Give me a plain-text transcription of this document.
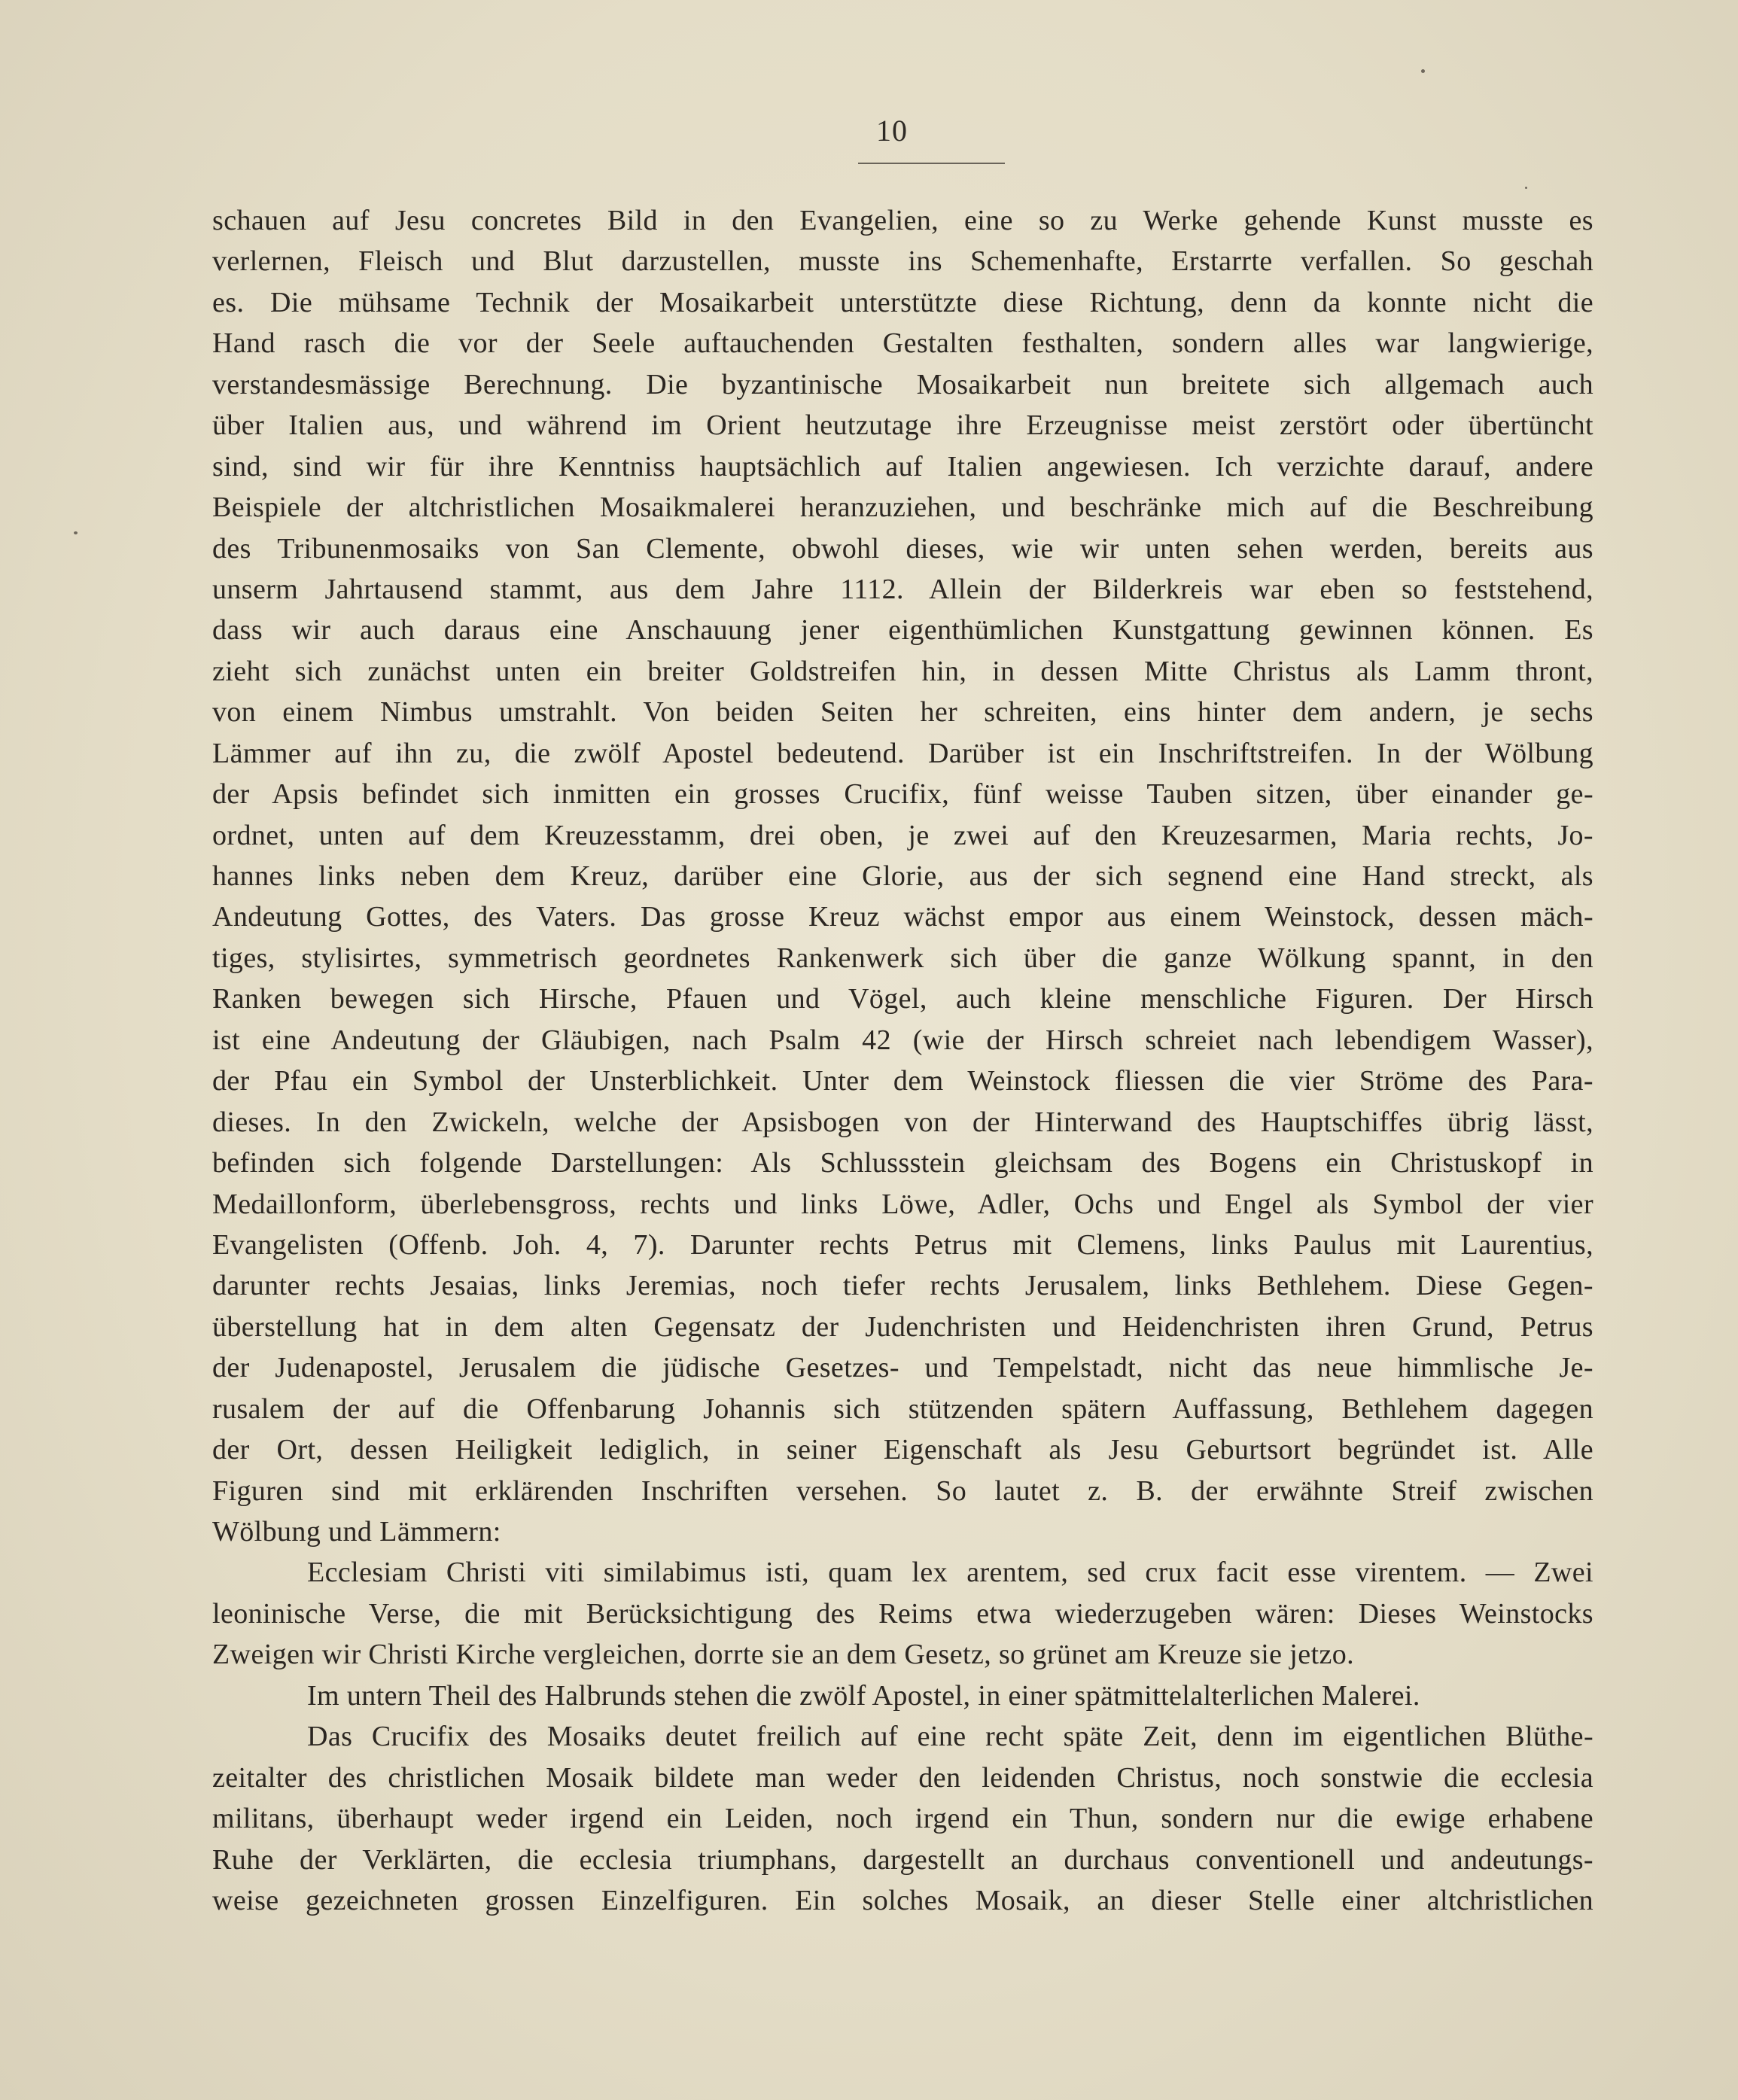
10
schauen auf Jesu concretes Bild in den Evangelien, eine so zu Werke gehende Kunst musste es
verlernen, Fleisch und Blut darzustellen, musste ins Schemenhafte, Erstarrte verfallen. So geschah
es. Die mühsame Technik der Mosaikarbeit unterstützte diese Richtung, denn da konnte nicht die
Hand rasch die vor der Seele auftauchenden Gestalten festhalten, sondern alles war langwierige,
verstandesmässige Berechnung. Die byzantinische Mosaikarbeit nun breitete sich allgemach auch
über Italien aus, und während im Orient heutzutage ihre Erzeugnisse meist zerstört oder übertüncht
sind, sind wir für ihre Kenntniss hauptsächlich auf Italien angewiesen. Ich verzichte darauf, andere
Beispiele der altchristlichen Mosaikmalerei heranzuziehen, und beschränke mich auf die Beschreibung
des Tribunenmosaiks von San Clemente, obwohl dieses, wie wir unten sehen werden, bereits aus
unserm Jahrtausend stammt, aus dem Jahre 1112. Allein der Bilderkreis war eben so feststehend,
dass wir auch daraus eine Anschauung jener eigenthümlichen Kunstgattung gewinnen können. Es
zieht sich zunächst unten ein breiter Goldstreifen hin, in dessen Mitte Christus als Lamm thront,
von einem Nimbus umstrahlt. Von beiden Seiten her schreiten, eins hinter dem andern, je sechs
Lämmer auf ihn zu, die zwölf Apostel bedeutend. Darüber ist ein Inschriftstreifen. In der Wölbung
der Apsis befindet sich inmitten ein grosses Crucifix, fünf weisse Tauben sitzen, über einander ge-
ordnet, unten auf dem Kreuzesstamm, drei oben, je zwei auf den Kreuzesarmen, Maria rechts, Jo-
hannes links neben dem Kreuz, darüber eine Glorie, aus der sich segnend eine Hand streckt, als
Andeutung Gottes, des Vaters. Das grosse Kreuz wächst empor aus einem Weinstock, dessen mäch-
tiges, stylisirtes, symmetrisch geordnetes Rankenwerk sich über die ganze Wölkung spannt, in den
Ranken bewegen sich Hirsche, Pfauen und Vögel, auch kleine menschliche Figuren. Der Hirsch
ist eine Andeutung der Gläubigen, nach Psalm 42 (wie der Hirsch schreiet nach lebendigem Wasser),
der Pfau ein Symbol der Unsterblichkeit. Unter dem Weinstock fliessen die vier Ströme des Para-
dieses. In den Zwickeln, welche der Apsisbogen von der Hinterwand des Hauptschiffes übrig lässt,
befinden sich folgende Darstellungen: Als Schlussstein gleichsam des Bogens ein Christuskopf in
Medaillonform, überlebensgross, rechts und links Löwe, Adler, Ochs und Engel als Symbol der vier
Evangelisten (Offenb. Joh. 4, 7). Darunter rechts Petrus mit Clemens, links Paulus mit Laurentius,
darunter rechts Jesaias, links Jeremias, noch tiefer rechts Jerusalem, links Bethlehem. Diese Gegen-
überstellung hat in dem alten Gegensatz der Judenchristen und Heidenchristen ihren Grund, Petrus
der Judenapostel, Jerusalem die jüdische Gesetzes- und Tempelstadt, nicht das neue himmlische Je-
rusalem der auf die Offenbarung Johannis sich stützenden spätern Auffassung, Bethlehem dagegen
der Ort, dessen Heiligkeit lediglich, in seiner Eigenschaft als Jesu Geburtsort begründet ist. Alle
Figuren sind mit erklärenden Inschriften versehen. So lautet z. B. der erwähnte Streif zwischen
Wölbung und Lämmern:
Ecclesiam Christi viti similabimus isti, quam lex arentem, sed crux facit esse virentem. — Zwei
leoninische Verse, die mit Berücksichtigung des Reims etwa wiederzugeben wären: Dieses Weinstocks
Zweigen wir Christi Kirche vergleichen, dorrte sie an dem Gesetz, so grünet am Kreuze sie jetzo.
Im untern Theil des Halbrunds stehen die zwölf Apostel, in einer spätmittelalterlichen Malerei.
Das Crucifix des Mosaiks deutet freilich auf eine recht späte Zeit, denn im eigentlichen Blüthe-
zeitalter des christlichen Mosaik bildete man weder den leidenden Christus, noch sonstwie die ecclesia
militans, überhaupt weder irgend ein Leiden, noch irgend ein Thun, sondern nur die ewige erhabene
Ruhe der Verklärten, die ecclesia triumphans, dargestellt an durchaus conventionell und andeutungs-
weise gezeichneten grossen Einzelfiguren. Ein solches Mosaik, an dieser Stelle einer altchristlichen
